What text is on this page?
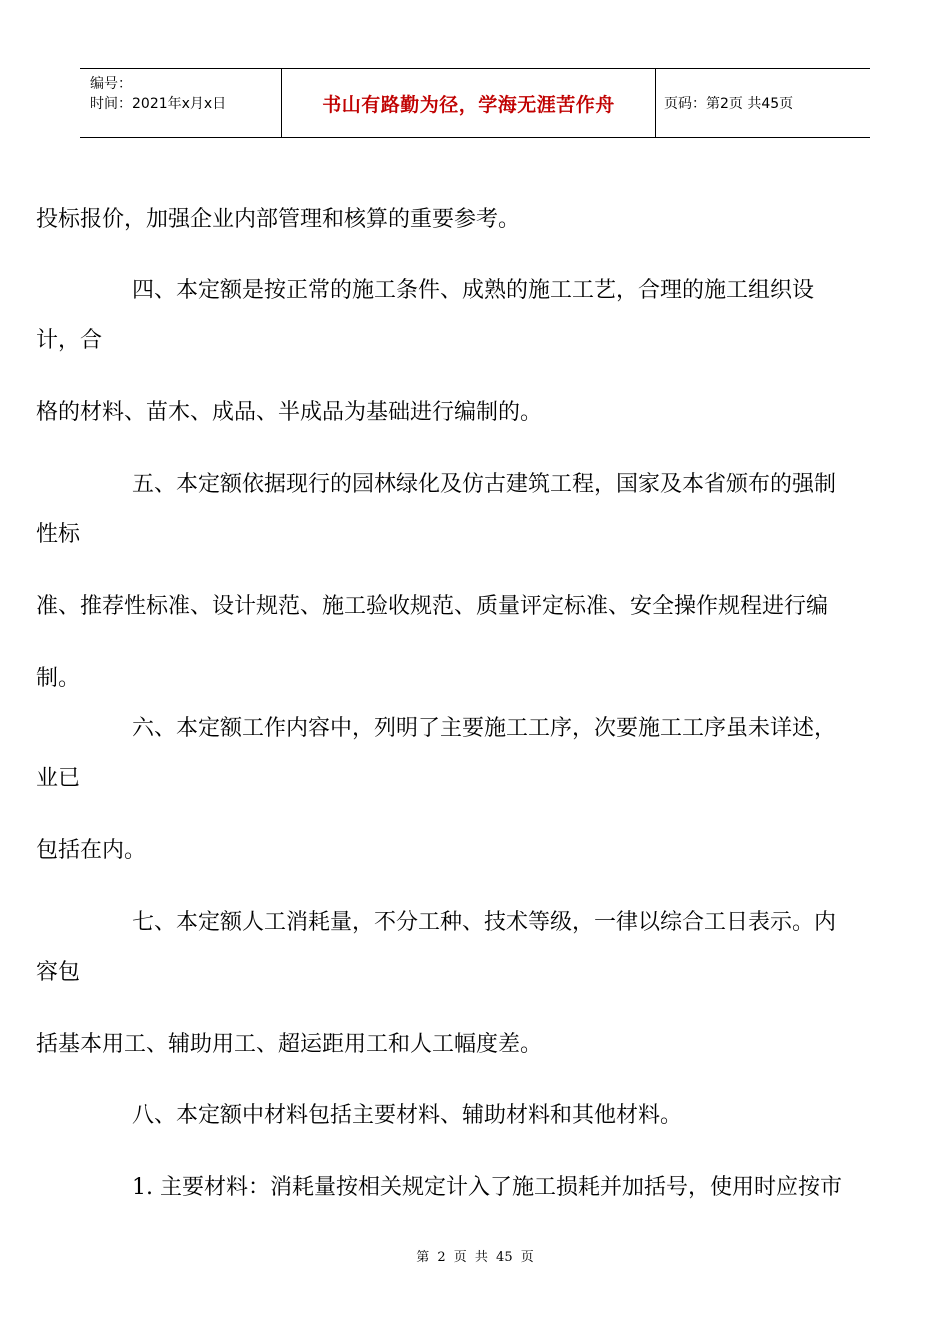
编号：
时间：2021年x月x日	书山有路勤为径，学海无涯苦作舟	页码：第2页 共45页
投标报价，加强企业内部管理和核算的重要参考。
四、本定额是按正常的施工条件、成熟的施工工艺，合理的施工组织设
计，合
格的材料、苗木、成品、半成品为基础进行编制的。
五、本定额依据现行的园林绿化及仿古建筑工程，国家及本省颁布的强制
性标
准、推荐性标准、设计规范、施工验收规范、质量评定标准、安全操作规程进行编
制。
六、本定额工作内容中，列明了主要施工工序，次要施工工序虽未详述，
业已
包括在内。
七、本定额人工消耗量，不分工种、技术等级，一律以综合工日表示。内
容包
括基本用工、辅助用工、超运距用工和人工幅度差。
八、本定额中材料包括主要材料、辅助材料和其他材料。
1. 主要材料：消耗量按相关规定计入了施工损耗并加括号，使用时应按市
第 2 页 共 45 页
